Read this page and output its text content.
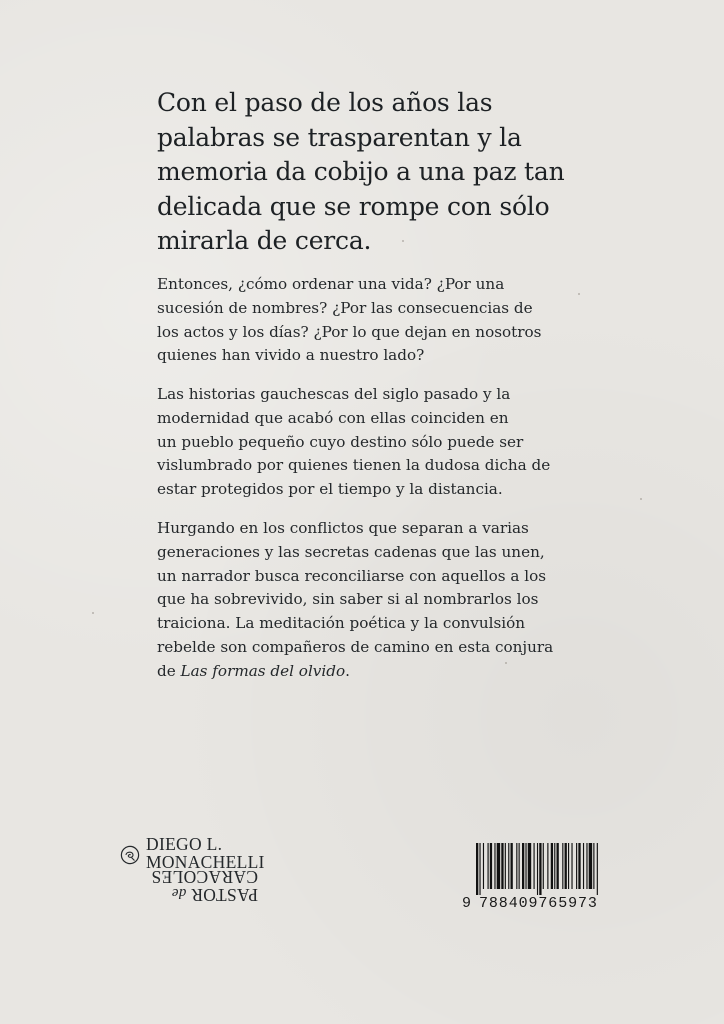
Con el paso de los años las
palabras se trasparentan y la
memoria da cobijo a una paz tan
delicada que se rompe con sólo
mirarla de cerca.

Entonces, ¿cómo ordenar una vida? ¿Por una
sucesión de nombres? ¿Por las consecuencias de
los actos y los días? ¿Por lo que dejan en nosotros
quienes han vivido a nuestro lado?

Las historias gauchescas del siglo pasado y la
modernidad que acabó con ellas coinciden en
un pueblo pequeño cuyo destino sólo puede ser
vislumbrado por quienes tienen la dudosa dicha de
estar protegidos por el tiempo y la distancia.

Hurgando en los conflictos que separan a varias
generaciones y las secretas cadenas que las unen,
un narrador busca reconciliarse con aquellos a los
que ha sobrevivido, sin saber si al nombrarlos los
traiciona. La meditación poética y la convulsión
rebelde son compañeros de camino en esta conjura
de Las formas del olvido.

DIEGO L.
MONACHELLI
PASTOR de
CARACOLES
9 788409765973
